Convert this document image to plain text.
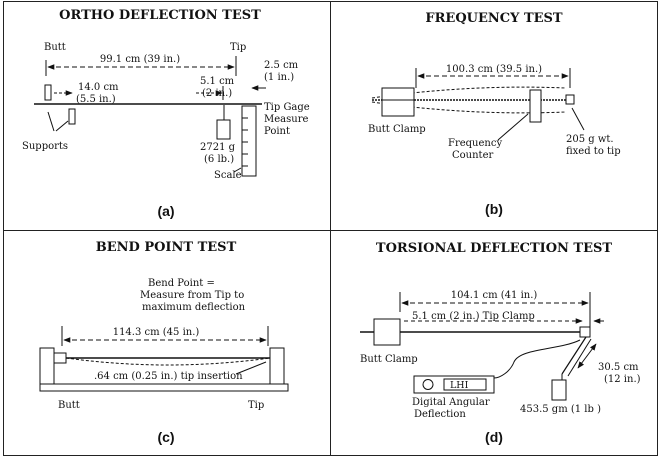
ORTHO DEFLECTION TEST
Butt	Tip
99.1 cm (39 in.)
2.5 cm
(1 in.)
14.0 cm
(5.5 in.)
Supports
5.1 cm
(2 in.)
2721 g
(6 lb.)
Tip Gage
Measure
Point
Scale
(a)
FREQUENCY TEST
100.3 cm (39.5 in.)
Butt Clamp
Frequency
Counter
205 g wt.
fixed to tip
(b)
BEND POINT TEST
Bend Point =
Measure from Tip to
maximum deflection
114.3 cm (45 in.)
.64 cm (0.25 in.) tip insertion
Butt	Tip
(c)
TORSIONAL DEFLECTION TEST
104.1 cm (41 in.)
5.1 cm (2 in.) Tip Clamp
Butt Clamp
30.5 cm
(12 in.)
453.5 gm (1 lb )
LHI
Digital Angular
Deflection
(d)
